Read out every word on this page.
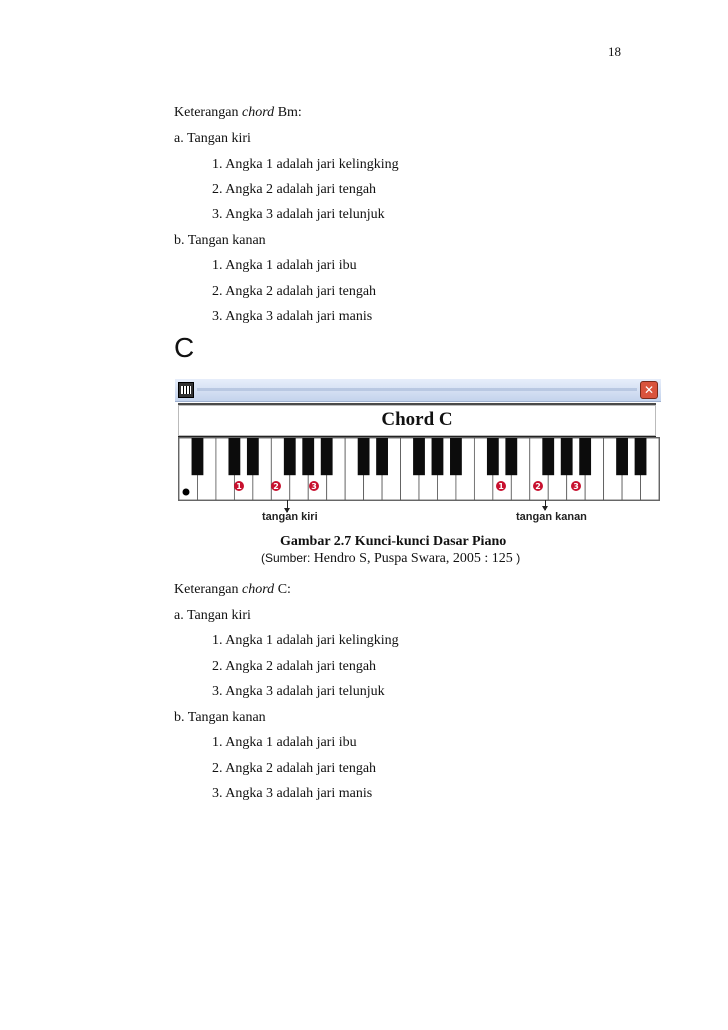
18
Keterangan chord Bm:
a. Tangan kiri
1. Angka 1 adalah jari kelingking
2. Angka 2 adalah jari tengah
3. Angka 3 adalah jari telunjuk
b. Tangan kanan
1. Angka 1 adalah jari ibu
2. Angka 2 adalah jari tengah
3. Angka 3 adalah jari manis
C
✕
Chord C
1	2	3	1	2	3
tangan kiri	tangan kanan
Gambar 2.7 Kunci-kunci Dasar Piano
(Sumber: Hendro S, Puspa Swara, 2005 : 125 )
Keterangan chord C:
a. Tangan kiri
1. Angka 1 adalah jari kelingking
2. Angka 2 adalah jari tengah
3. Angka 3 adalah jari telunjuk
b. Tangan kanan
1. Angka 1 adalah jari ibu
2. Angka 2 adalah jari tengah
3. Angka 3 adalah jari manis
